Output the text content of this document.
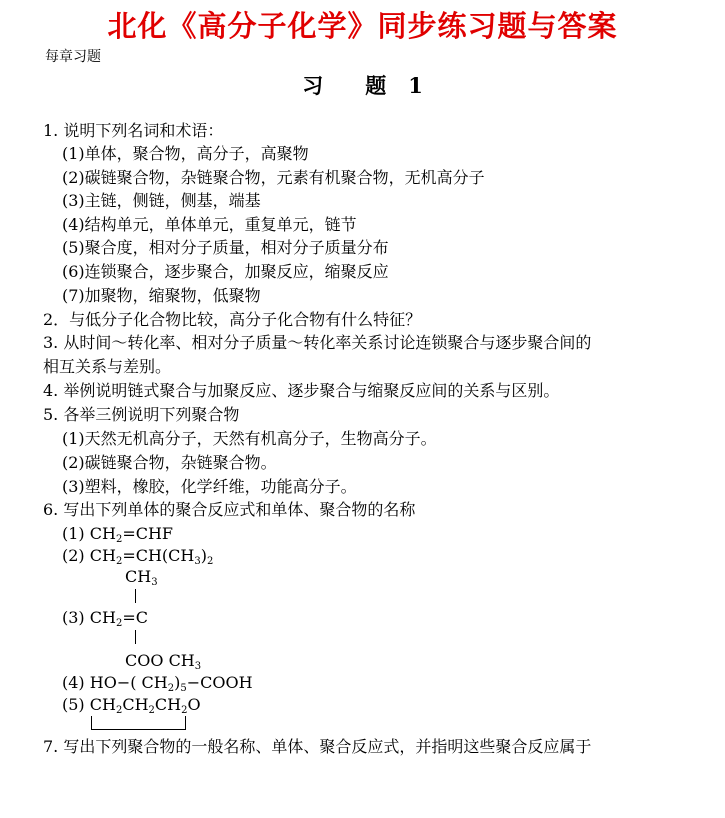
北化《高分子化学》同步练习题与答案
每章习题
习 题 1
1. 说明下列名词和术语：
(1)单体，聚合物，高分子，高聚物
(2)碳链聚合物，杂链聚合物，元素有机聚合物，无机高分子
(3)主链，侧链，侧基，端基
(4)结构单元，单体单元，重复单元，链节
(5)聚合度，相对分子质量，相对分子质量分布
(6)连锁聚合，逐步聚合，加聚反应，缩聚反应
(7)加聚物，缩聚物，低聚物
2．与低分子化合物比较，高分子化合物有什么特征？
3. 从时间～转化率、相对分子质量～转化率关系讨论连锁聚合与逐步聚合间的
相互关系与差别。
4. 举例说明链式聚合与加聚反应、逐步聚合与缩聚反应间的关系与区别。
5. 各举三例说明下列聚合物
(1)天然无机高分子，天然有机高分子，生物高分子。
(2)碳链聚合物，杂链聚合物。
(3)塑料，橡胶，化学纤维，功能高分子。
6. 写出下列单体的聚合反应式和单体、聚合物的名称
(1) $CH_2=CHF$
(2) $CH_2=CH(CH_3)_2$
$CH_3$
(3) $CH_2=C$
COO $CH_3$
(4) HO−( $CH_2)_5-COOH$
(5) $CH_2CH_2CH_2O$
7. 写出下列聚合物的一般名称、单体、聚合反应式，并指明这些聚合反应属于
